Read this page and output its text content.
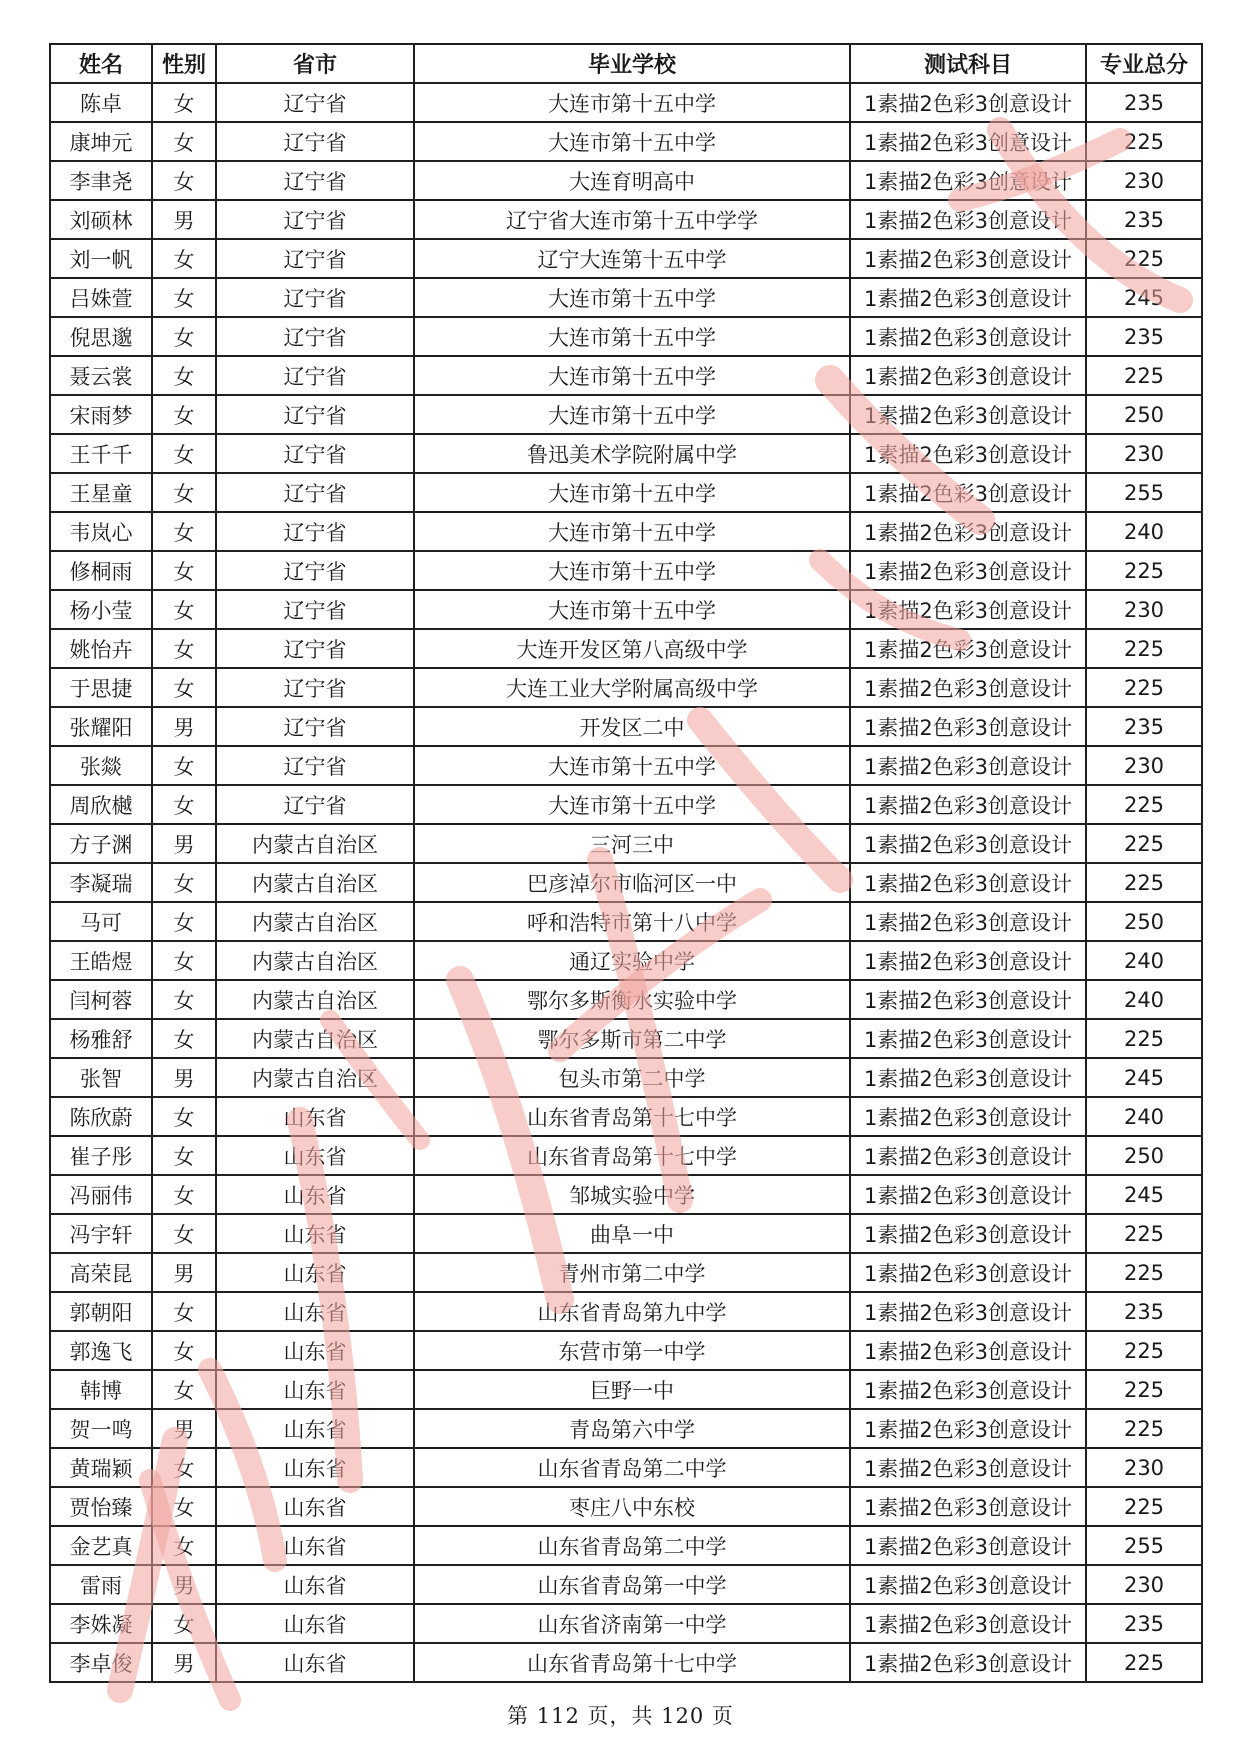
姓名	性别	省市	毕业学校	测试科目	专业总分
陈卓	女	辽宁省	大连市第十五中学	1素描2色彩3创意设计	235
康坤元	女	辽宁省	大连市第十五中学	1素描2色彩3创意设计	225
李聿尧	女	辽宁省	大连育明高中	1素描2色彩3创意设计	230
刘硕林	男	辽宁省	辽宁省大连市第十五中学学	1素描2色彩3创意设计	235
刘一帆	女	辽宁省	辽宁大连第十五中学	1素描2色彩3创意设计	225
吕姝萱	女	辽宁省	大连市第十五中学	1素描2色彩3创意设计	245
倪思邈	女	辽宁省	大连市第十五中学	1素描2色彩3创意设计	235
聂云裳	女	辽宁省	大连市第十五中学	1素描2色彩3创意设计	225
宋雨梦	女	辽宁省	大连市第十五中学	1素描2色彩3创意设计	250
王千千	女	辽宁省	鲁迅美术学院附属中学	1素描2色彩3创意设计	230
王星童	女	辽宁省	大连市第十五中学	1素描2色彩3创意设计	255
韦岚心	女	辽宁省	大连市第十五中学	1素描2色彩3创意设计	240
修桐雨	女	辽宁省	大连市第十五中学	1素描2色彩3创意设计	225
杨小莹	女	辽宁省	大连市第十五中学	1素描2色彩3创意设计	230
姚怡卉	女	辽宁省	大连开发区第八高级中学	1素描2色彩3创意设计	225
于思捷	女	辽宁省	大连工业大学附属高级中学	1素描2色彩3创意设计	225
张耀阳	男	辽宁省	开发区二中	1素描2色彩3创意设计	235
张燚	女	辽宁省	大连市第十五中学	1素描2色彩3创意设计	230
周欣樾	女	辽宁省	大连市第十五中学	1素描2色彩3创意设计	225
方子渊	男	内蒙古自治区	三河三中	1素描2色彩3创意设计	225
李凝瑞	女	内蒙古自治区	巴彦淖尔市临河区一中	1素描2色彩3创意设计	225
马可	女	内蒙古自治区	呼和浩特市第十八中学	1素描2色彩3创意设计	250
王皓煜	女	内蒙古自治区	通辽实验中学	1素描2色彩3创意设计	240
闫柯蓉	女	内蒙古自治区	鄂尔多斯衡水实验中学	1素描2色彩3创意设计	240
杨雅舒	女	内蒙古自治区	鄂尔多斯市第二中学	1素描2色彩3创意设计	225
张智	男	内蒙古自治区	包头市第二中学	1素描2色彩3创意设计	245
陈欣蔚	女	山东省	山东省青岛第十七中学	1素描2色彩3创意设计	240
崔子彤	女	山东省	山东省青岛第十七中学	1素描2色彩3创意设计	250
冯丽伟	女	山东省	邹城实验中学	1素描2色彩3创意设计	245
冯宇轩	女	山东省	曲阜一中	1素描2色彩3创意设计	225
高荣昆	男	山东省	青州市第二中学	1素描2色彩3创意设计	225
郭朝阳	女	山东省	山东省青岛第九中学	1素描2色彩3创意设计	235
郭逸飞	女	山东省	东营市第一中学	1素描2色彩3创意设计	225
韩博	女	山东省	巨野一中	1素描2色彩3创意设计	225
贺一鸣	男	山东省	青岛第六中学	1素描2色彩3创意设计	225
黄瑞颖	女	山东省	山东省青岛第二中学	1素描2色彩3创意设计	230
贾怡臻	女	山东省	枣庄八中东校	1素描2色彩3创意设计	225
金艺真	女	山东省	山东省青岛第二中学	1素描2色彩3创意设计	255
雷雨	男	山东省	山东省青岛第一中学	1素描2色彩3创意设计	230
李姝凝	女	山东省	山东省济南第一中学	1素描2色彩3创意设计	235
李卓俊	男	山东省	山东省青岛第十七中学	1素描2色彩3创意设计	225
第 112 页，共 120 页
